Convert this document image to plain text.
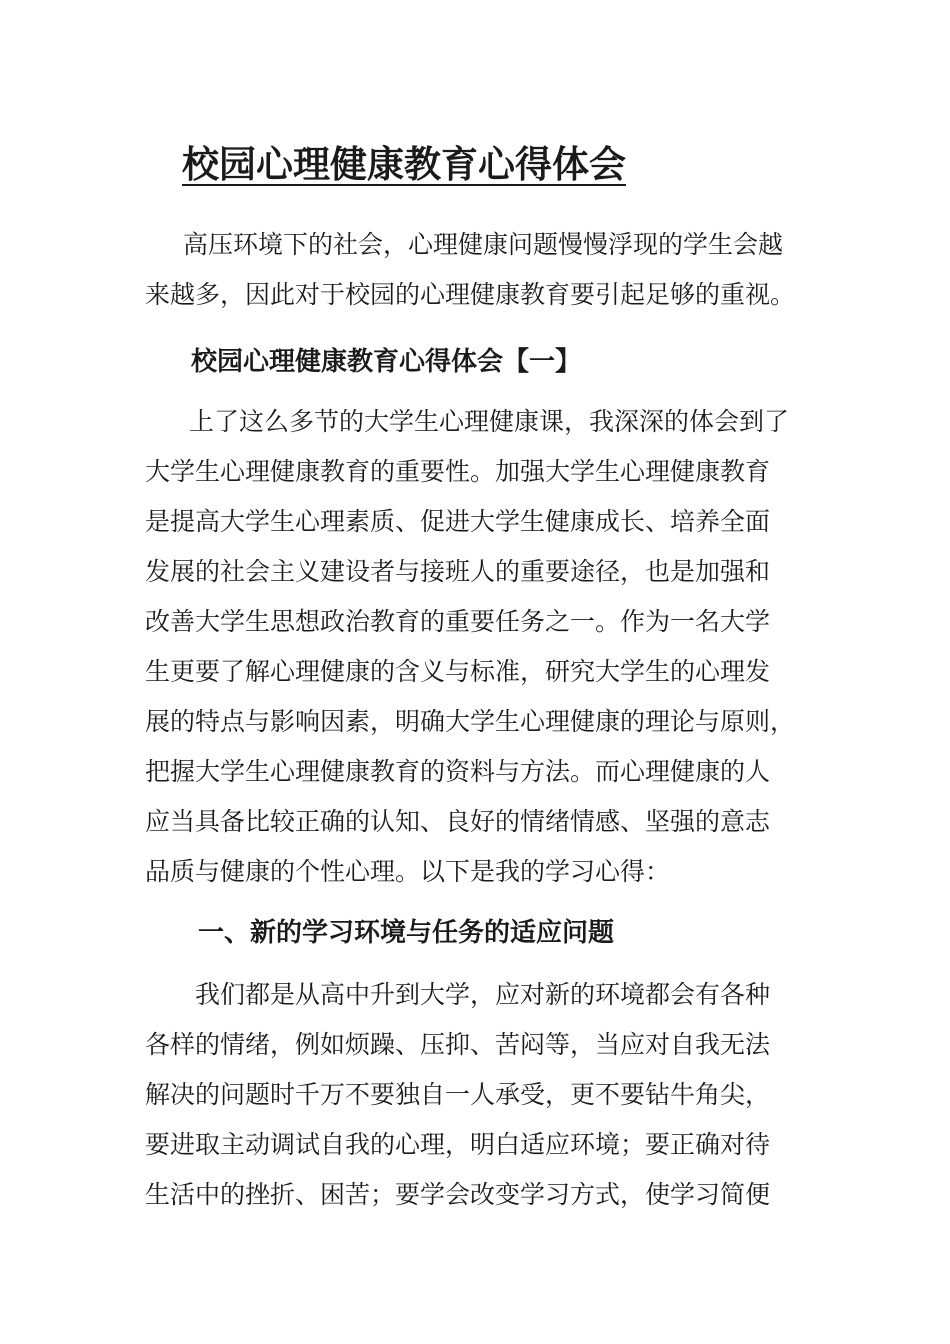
校园心理健康教育心得体会
高压环境下的社会，心理健康问题慢慢浮现的学生会越
来越多，因此对于校园的心理健康教育要引起足够的重视。
校园心理健康教育心得体会【一】
上了这么多节的大学生心理健康课，我深深的体会到了
大学生心理健康教育的重要性。加强大学生心理健康教育
是提高大学生心理素质、促进大学生健康成长、培养全面
发展的社会主义建设者与接班人的重要途径，也是加强和
改善大学生思想政治教育的重要任务之一。作为一名大学
生更要了解心理健康的含义与标准，研究大学生的心理发
展的特点与影响因素，明确大学生心理健康的理论与原则，
把握大学生心理健康教育的资料与方法。而心理健康的人
应当具备比较正确的认知、良好的情绪情感、坚强的意志
品质与健康的个性心理。以下是我的学习心得：
一、新的学习环境与任务的适应问题
我们都是从高中升到大学，应对新的环境都会有各种
各样的情绪，例如烦躁、压抑、苦闷等，当应对自我无法
解决的问题时千万不要独自一人承受，更不要钻牛角尖，
要进取主动调试自我的心理，明白适应环境；要正确对待
生活中的挫折、困苦；要学会改变学习方式，使学习简便
